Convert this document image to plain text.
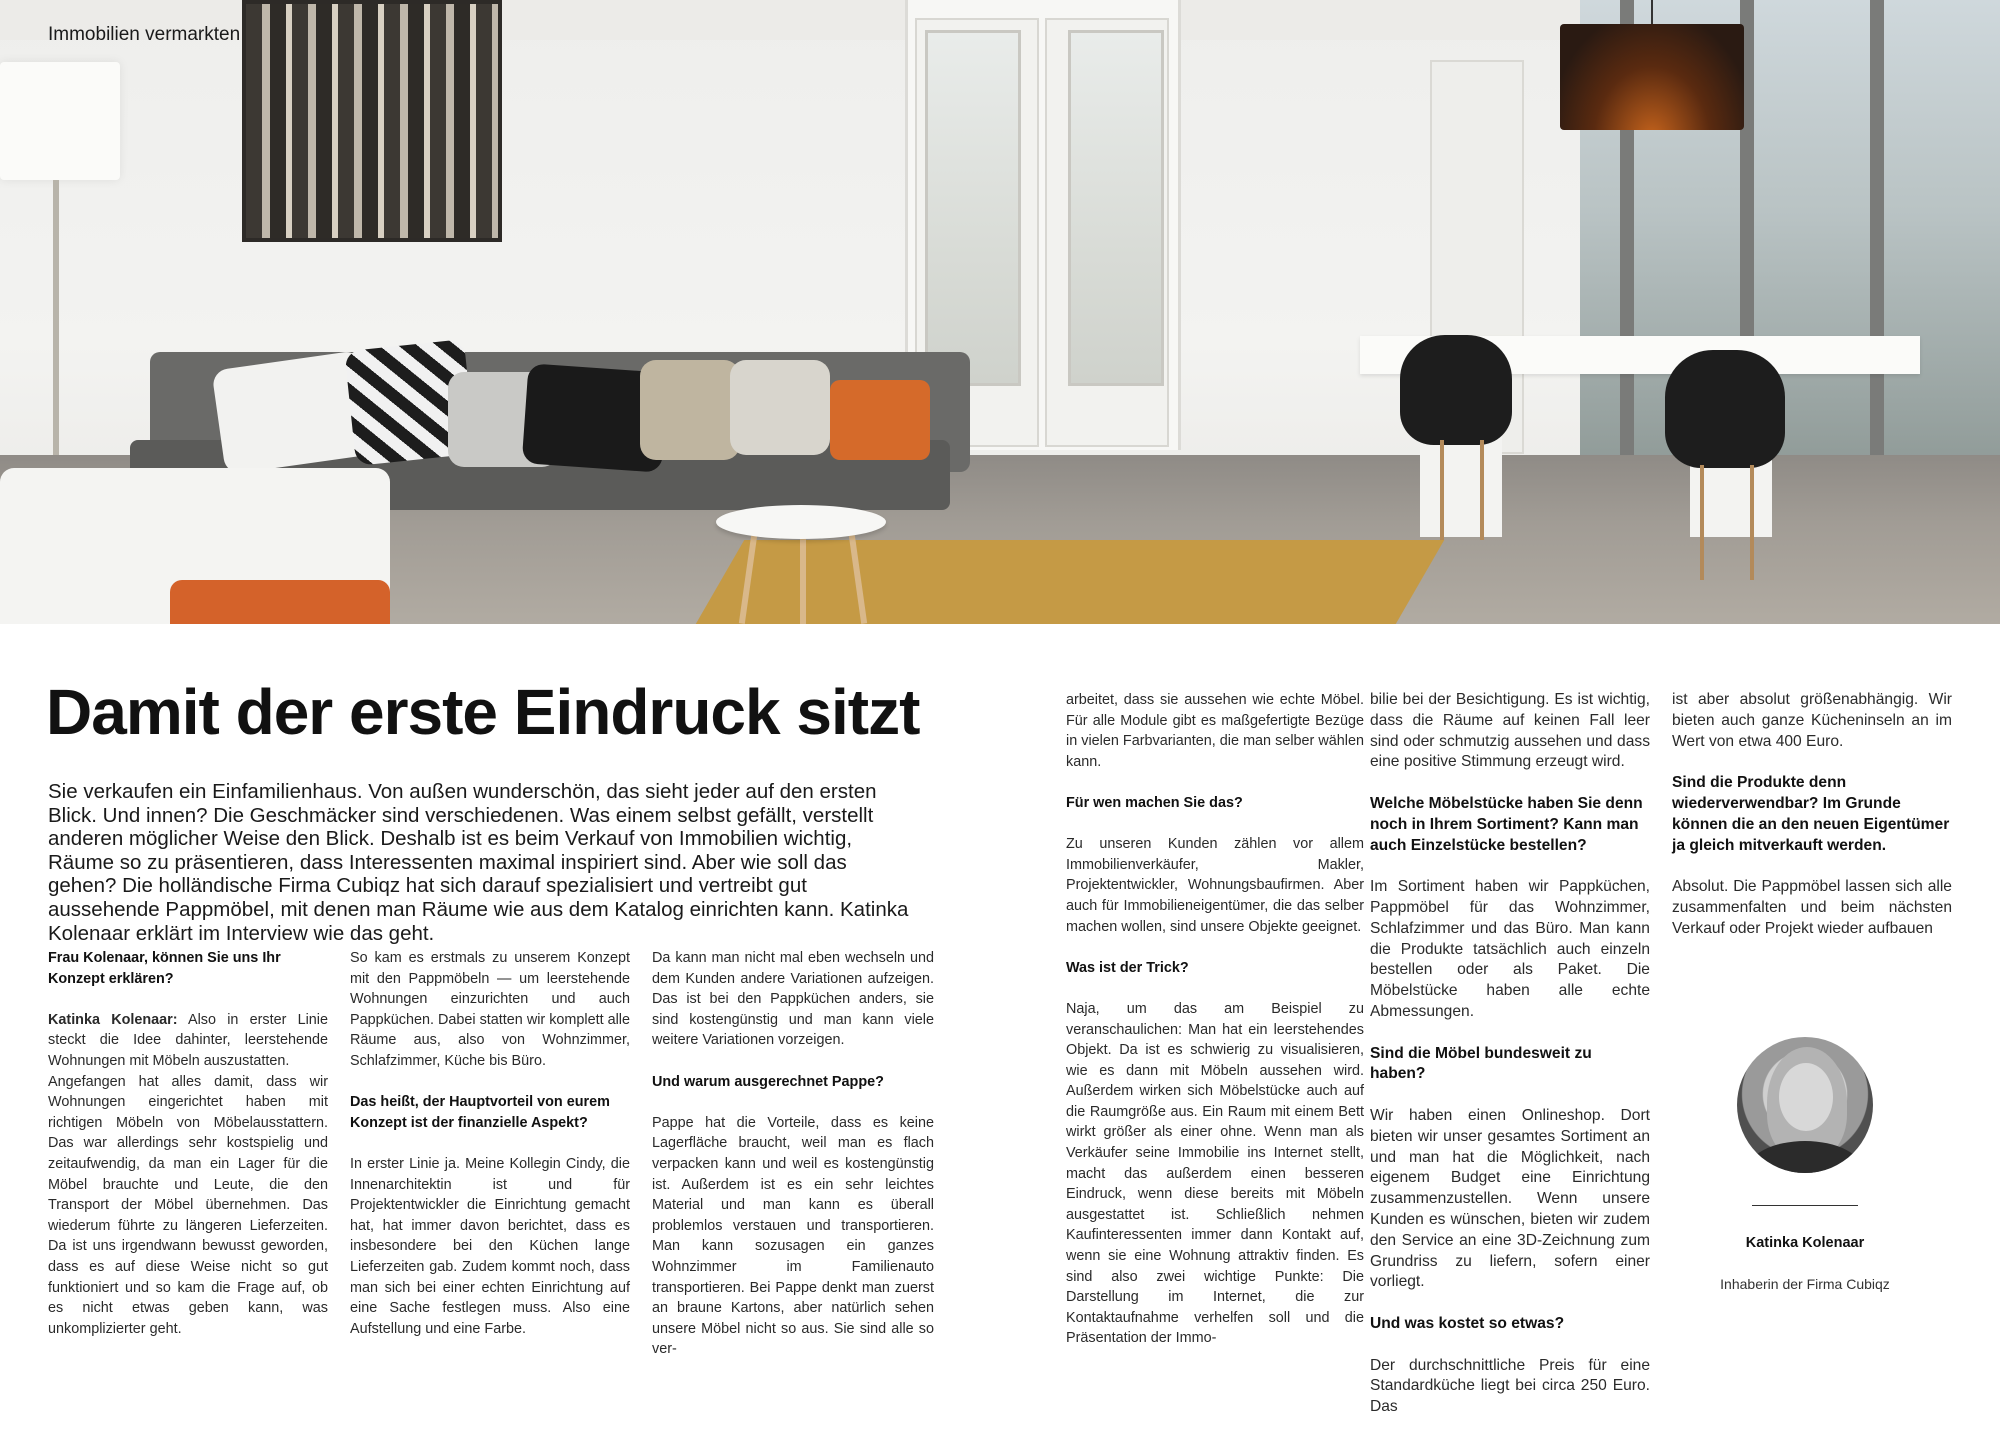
Immobilien vermarkten
Damit der erste Eindruck sitzt

Sie verkaufen ein Einfamilienhaus. Von außen wunderschön, das sieht jeder auf den ersten Blick. Und innen? Die Geschmäcker sind verschiedenen. Was einem selbst gefällt, verstellt anderen möglicher Weise den Blick. Deshalb ist es beim Verkauf von Immobilien wichtig, Räume so zu präsentieren, dass Interessenten maximal inspiriert sind. Aber wie soll das gehen? Die holländische Firma Cubiqz hat sich darauf spezialisiert und vertreibt gut aussehende Pappmöbel, mit denen man Räume wie aus dem Katalog einrichten kann. Katinka Kolenaar erklärt im Interview wie das geht.

Frau Kolenaar, können Sie uns Ihr Konzept erklären?

Katinka Kolenaar: Also in erster Linie steckt die Idee dahinter, leerstehende Wohnungen mit Möbeln auszustatten.

Angefangen hat alles damit, dass wir Wohnungen eingerichtet haben mit richtigen Möbeln von Möbelausstattern. Das war allerdings sehr kostspielig und zeitaufwendig, da man ein Lager für die Möbel brauchte und Leute, die den Transport der Möbel übernehmen. Das wiederum führte zu längeren Lieferzeiten. Da ist uns irgendwann bewusst geworden, dass es auf diese Weise nicht so gut funktioniert und so kam die Frage auf, ob es nicht etwas geben kann, was unkomplizierter geht.

So kam es erstmals zu unserem Konzept mit den Pappmöbeln — um leerstehende Wohnungen einzurichten und auch Pappküchen. Dabei statten wir komplett alle Räume aus, also von Wohnzimmer, Schlafzimmer, Küche bis Büro.

Das heißt, der Hauptvorteil von eurem Konzept ist der finanzielle Aspekt?

In erster Linie ja. Meine Kollegin Cindy, die Innenarchitektin ist und für Projektentwickler die Einrichtung gemacht hat, hat immer davon berichtet, dass es insbesondere bei den Küchen lange Lieferzeiten gab. Zudem kommt noch, dass man sich bei einer echten Einrichtung auf eine Sache festlegen muss. Also eine Aufstellung und eine Farbe.

Da kann man nicht mal eben wechseln und dem Kunden andere Variationen aufzeigen. Das ist bei den Pappküchen anders, sie sind kostengünstig und man kann viele weitere Variationen vorzeigen.

Und warum ausgerechnet Pappe?

Pappe hat die Vorteile, dass es keine Lagerfläche braucht, weil man es flach verpacken kann und weil es kostengünstig ist. Außerdem ist es ein sehr leichtes Material und man kann es überall problemlos verstauen und transportieren. Man kann sozusagen ein ganzes Wohnzimmer im Familienauto transportieren. Bei Pappe denkt man zuerst an braune Kartons, aber natürlich sehen unsere Möbel nicht so aus. Sie sind alle so ver-

arbeitet, dass sie aussehen wie echte Möbel. Für alle Module gibt es maßgefertigte Bezüge in vielen Farbvarianten, die man selber wählen kann.

Für wen machen Sie das?

Zu unseren Kunden zählen vor allem Immobilienverkäufer, Makler, Projektentwickler, Wohnungsbaufirmen. Aber auch für Immobilieneigentümer, die das selber machen wollen, sind unsere Objekte geeignet.

Was ist der Trick?

Naja, um das am Beispiel zu veranschaulichen: Man hat ein leerstehendes Objekt. Da ist es schwierig zu visualisieren, wie es dann mit Möbeln aussehen wird. Außerdem wirken sich Möbelstücke auch auf die Raumgröße aus. Ein Raum mit einem Bett wirkt größer als einer ohne. Wenn man als Verkäufer seine Immobilie ins Internet stellt, macht das außerdem einen besseren Eindruck, wenn diese bereits mit Möbeln ausgestattet ist. Schließlich nehmen Kaufinteressenten immer dann Kontakt auf, wenn sie eine Wohnung attraktiv finden. Es sind also zwei wichtige Punkte: Die Darstellung im Internet, die zur Kontaktaufnahme verhelfen soll und die Präsentation der Immo-

bilie bei der Besichtigung. Es ist wichtig, dass die Räume auf keinen Fall leer sind oder schmutzig aussehen und dass eine positive Stimmung erzeugt wird.

Welche Möbelstücke haben Sie denn noch in Ihrem Sortiment? Kann man auch Einzelstücke bestellen?

Im Sortiment haben wir Pappküchen, Pappmöbel für das Wohnzimmer, Schlafzimmer und das Büro. Man kann die Produkte tatsächlich auch einzeln bestellen oder als Paket. Die Möbelstücke haben alle echte Abmessungen.

Sind die Möbel bundesweit zu haben?

Wir haben einen Onlineshop. Dort bieten wir unser gesamtes Sortiment an und man hat die Möglichkeit, nach eigenem Budget eine Einrichtung zusammenzustellen. Wenn unsere Kunden es wünschen, bieten wir zudem den Service an eine 3D-Zeichnung zum Grundriss zu liefern, sofern einer vorliegt.

Und was kostet so etwas?

Der durchschnittliche Preis für eine Standardküche liegt bei circa 250 Euro. Das

ist aber absolut größenabhängig. Wir bieten auch ganze Kücheninseln an im Wert von etwa 400 Euro.

Sind die Produkte denn wiederverwendbar? Im Grunde können die an den neuen Eigentümer ja gleich mitverkauft werden.

Absolut. Die Pappmöbel lassen sich alle zusammenfalten und beim nächsten Verkauf oder Projekt wieder aufbauen

Katinka Kolenaar
Inhaberin der Firma Cubiqz
